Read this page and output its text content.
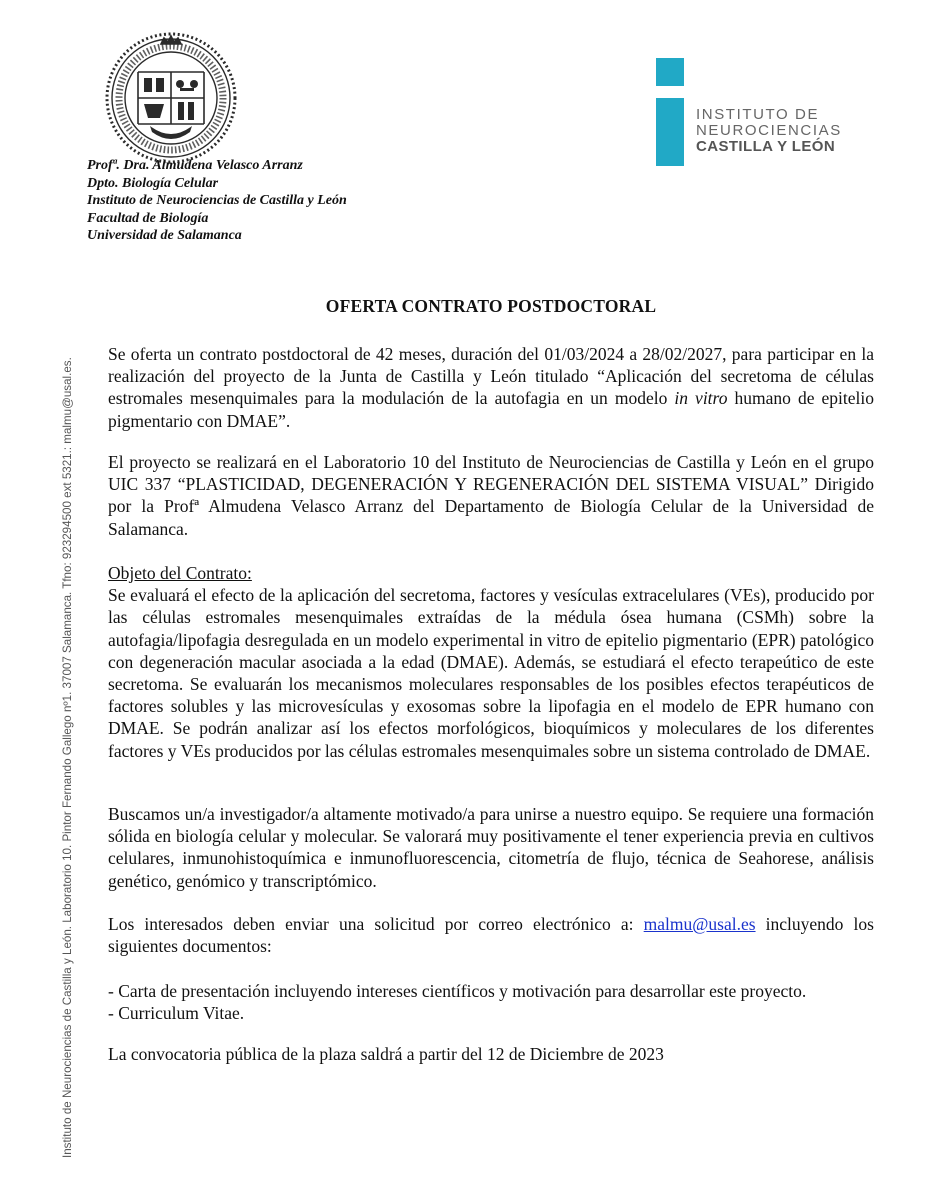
INSTITUTO DE
NEUROCIENCIAS
CASTILLA Y LEÓN
Profª. Dra. Almudena Velasco Arranz
Dpto. Biología Celular
Instituto de Neurociencias de Castilla y León
Facultad de Biología
Universidad de Salamanca
Instituto de Neurociencias de Castilla y León. Laboratorio 10. Pintor Fernando Gallego nº1. 37007 Salamanca. Tfno: 923294500 ext 5321.: malmu@usal.es.
OFERTA CONTRATO POSTDOCTORAL

Se oferta un contrato postdoctoral de 42 meses, duración del 01/03/2024 a 28/02/2027, para participar en la realización del proyecto de la Junta de Castilla y León titulado “Aplicación del secretoma de células estromales mesenquimales para la modulación de la autofagia en un modelo in vitro humano de epitelio pigmentario con DMAE”.

El proyecto se realizará en el Laboratorio 10 del Instituto de Neurociencias de Castilla y León en el grupo UIC 337 “PLASTICIDAD, DEGENERACIÓN Y REGENERACIÓN DEL SISTEMA VISUAL” Dirigido por la Profª Almudena Velasco Arranz del Departamento de Biología Celular de la Universidad de Salamanca.

Objeto del Contrato:

Se evaluará el efecto de la aplicación del secretoma, factores y vesículas extracelulares (VEs), producido por las células estromales mesenquimales extraídas de la médula ósea humana (CSMh) sobre la autofagia/lipofagia desregulada en un modelo experimental in vitro de epitelio pigmentario (EPR) patológico con degeneración macular asociada a la edad (DMAE). Además, se estudiará el efecto terapeútico de este secretoma. Se evaluarán los mecanismos moleculares responsables de los posibles efectos terapéuticos de factores solubles y las microvesículas y exosomas sobre la lipofagia en el modelo de EPR humano con DMAE. Se podrán analizar así los efectos morfológicos, bioquímicos y moleculares de los diferentes factores y VEs producidos por las células estromales mesenquimales sobre un sistema controlado de DMAE.

Buscamos un/a investigador/a altamente motivado/a para unirse a nuestro equipo. Se requiere una formación sólida en biología celular y molecular. Se valorará muy positivamente el tener experiencia previa en cultivos celulares, inmunohistoquímica e inmunofluorescencia, citometría de flujo, técnica de Seahorese, análisis genético, genómico y transcriptómico.

Los interesados deben enviar una solicitud por correo electrónico a: malmu@usal.es incluyendo los siguientes documentos:

- Carta de presentación incluyendo intereses científicos y motivación para desarrollar este proyecto.

- Curriculum Vitae.

La convocatoria pública de la plaza saldrá a partir del 12 de Diciembre de 2023
